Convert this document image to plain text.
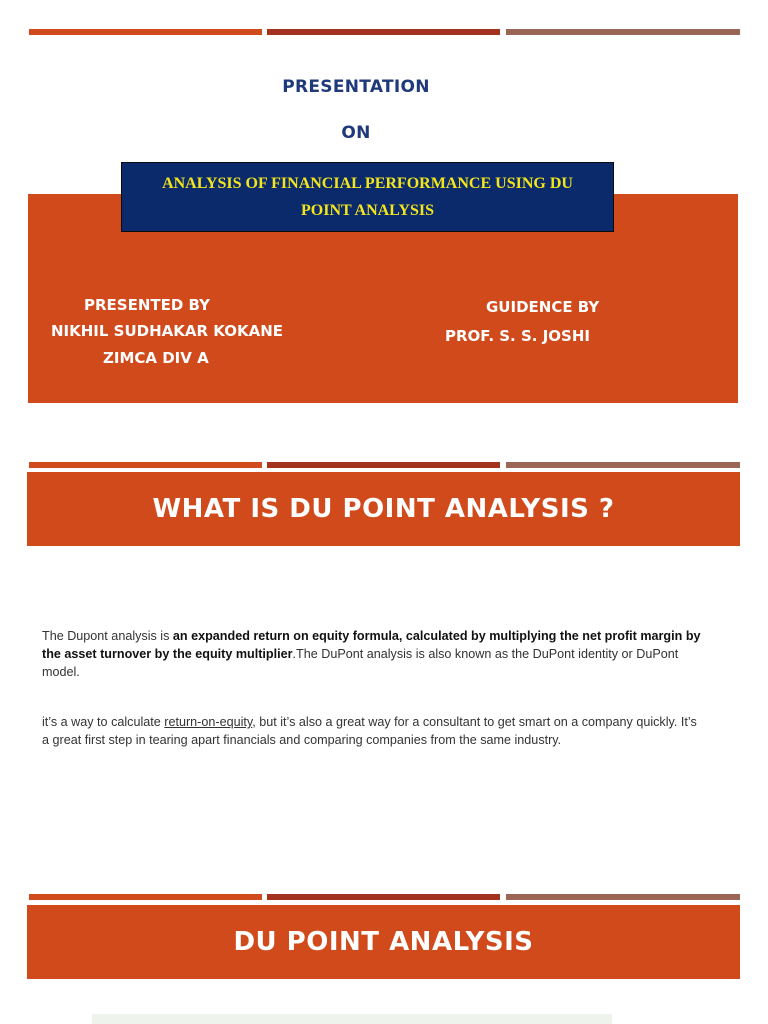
PRESENTATION
ON
ANALYSIS OF FINANCIAL PERFORMANCE USING DU
POINT ANALYSIS
PRESENTED BY
NIKHIL SUDHAKAR KOKANE
ZIMCA DIV A
GUIDENCE BY
PROF. S. S. JOSHI
WHAT IS DU POINT ANALYSIS ?
The Dupont analysis is an expanded return on equity formula, calculated by multiplying the net profit margin by the asset turnover by the equity multiplier.The DuPont analysis is also known as the DuPont identity or DuPont model.
it’s a way to calculate return-on-equity, but it’s also a great way for a consultant to get smart on a company quickly. It’s a great first step in tearing apart financials and comparing companies from the same industry.
DU POINT ANALYSIS
